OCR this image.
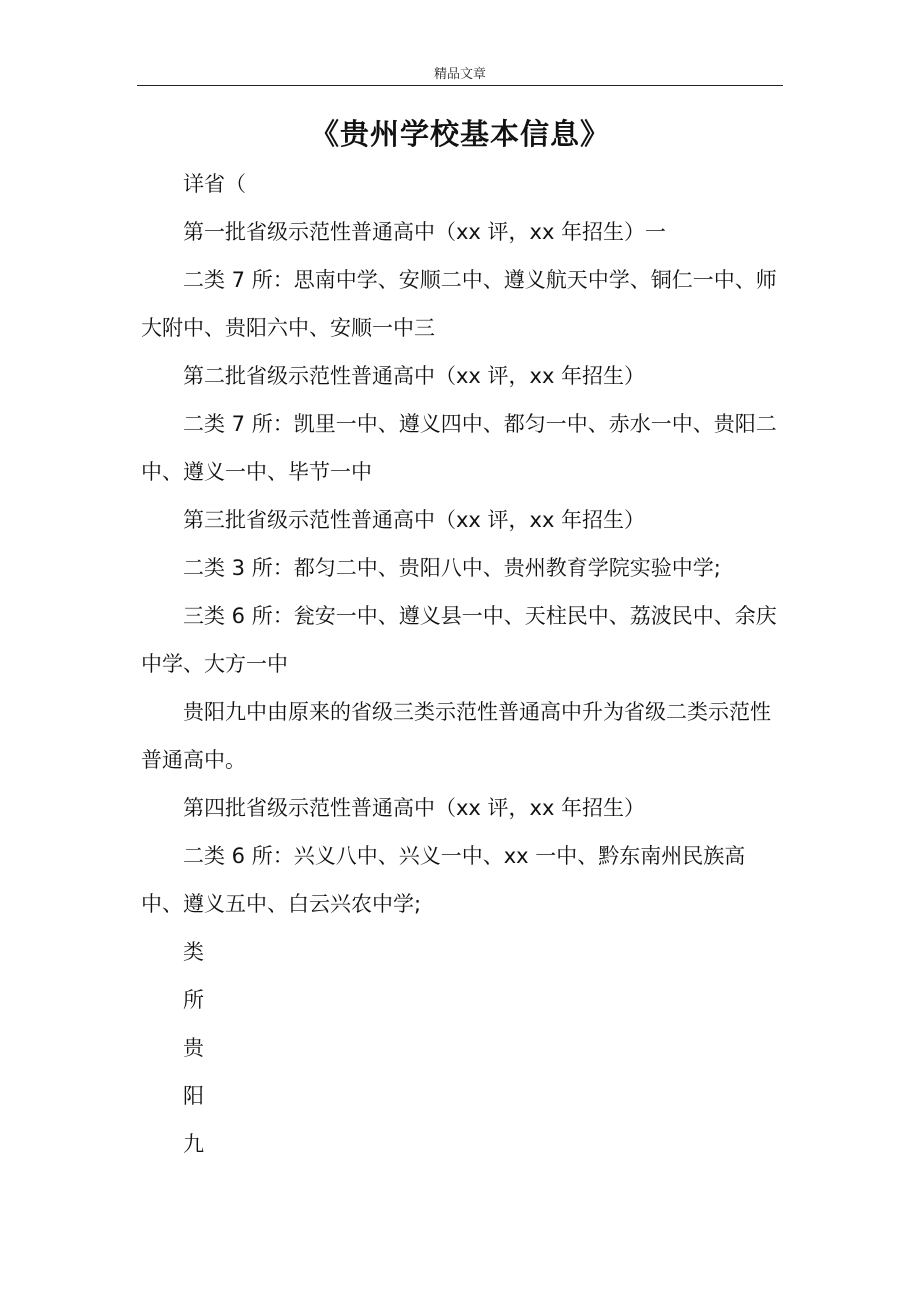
精品文章
《贵州学校基本信息》

详省（

第一批省级示范性普通高中（xx 评，xx 年招生）一

二类 7 所：思南中学、安顺二中、遵义航天中学、铜仁一中、师大附中、贵阳六中、安顺一中三

第二批省级示范性普通高中（xx 评，xx 年招生）

二类 7 所：凯里一中、遵义四中、都匀一中、赤水一中、贵阳二中、遵义一中、毕节一中

第三批省级示范性普通高中（xx 评，xx 年招生）

二类 3 所：都匀二中、贵阳八中、贵州教育学院实验中学;

三类 6 所：瓮安一中、遵义县一中、天柱民中、荔波民中、余庆中学、大方一中

贵阳九中由原来的省级三类示范性普通高中升为省级二类示范性普通高中。

第四批省级示范性普通高中（xx 评，xx 年招生）

二类 6 所：兴义八中、兴义一中、xx 一中、黔东南州民族高中、遵义五中、白云兴农中学;

类

所

贵

阳

九
